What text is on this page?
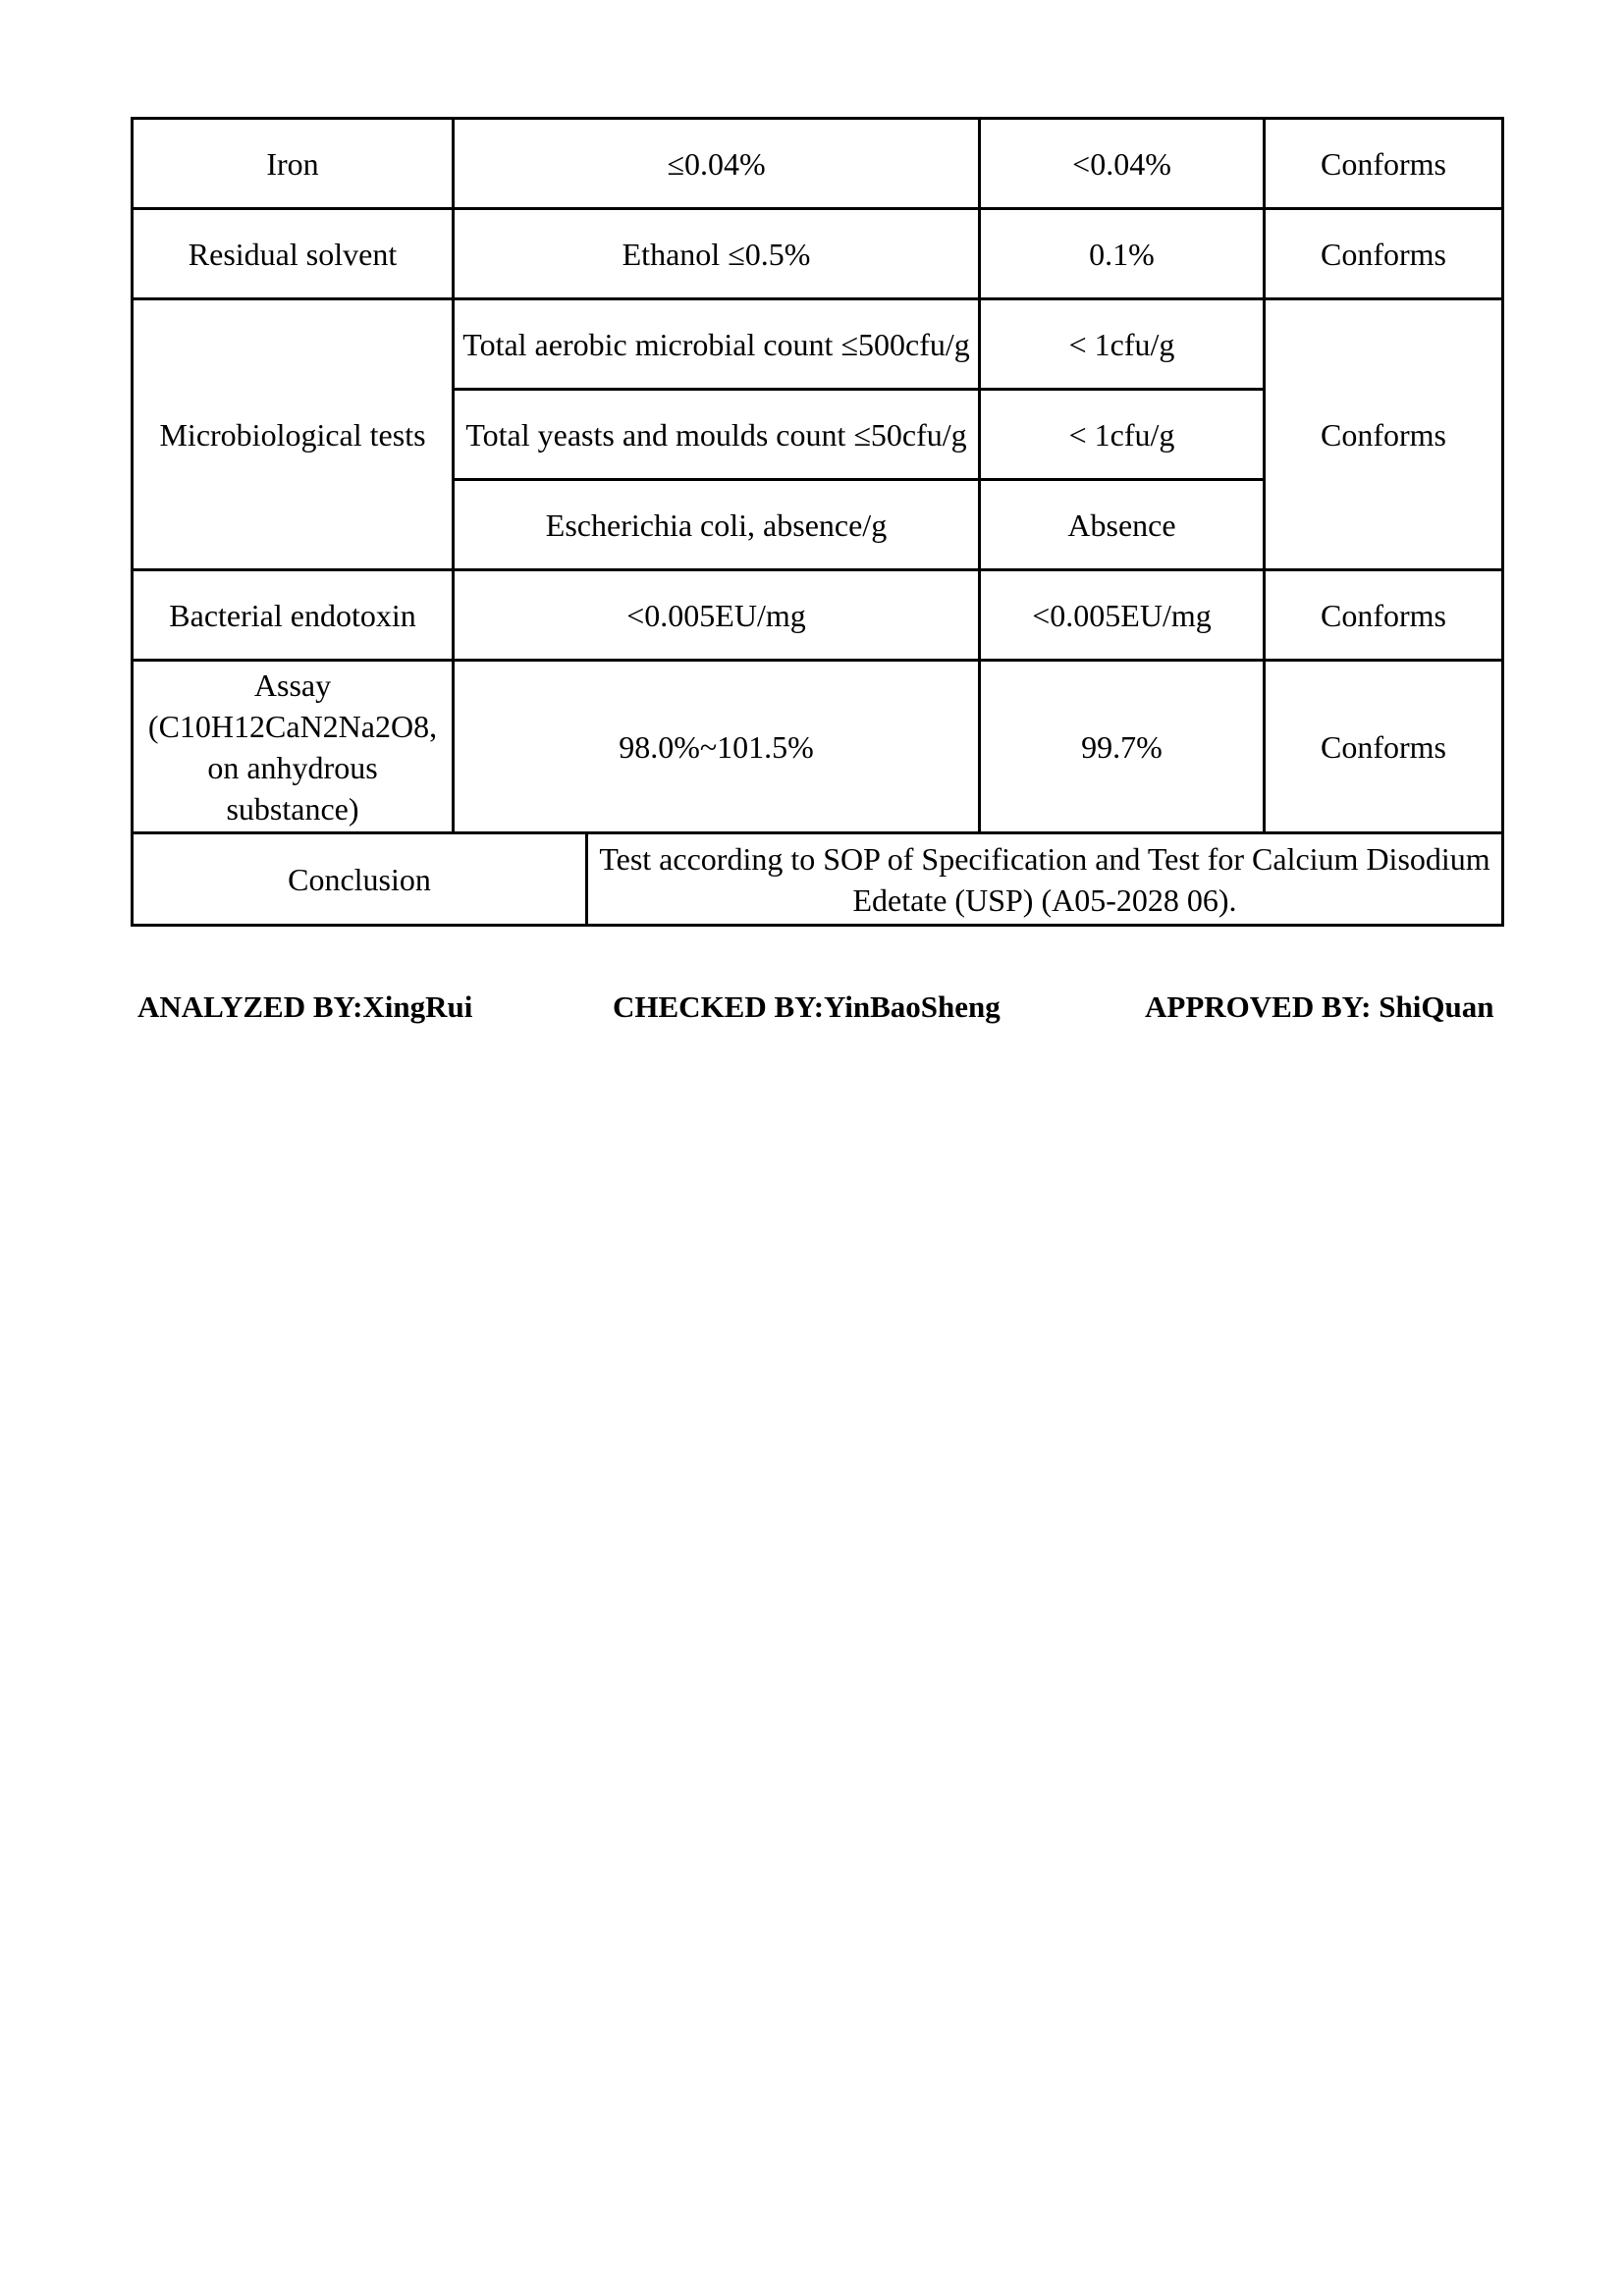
Iron	≤0.04%		<0.04%	Conforms
Residual solvent	Ethanol ≤0.5%		0.1%	Conforms
Microbiological tests	Total aerobic microbial count ≤500cfu/g		< 1cfu/g	Conforms
	Total yeasts and moulds count ≤50cfu/g		< 1cfu/g	
	Escherichia coli, absence/g		Absence	
Bacterial endotoxin	<0.005EU/mg		<0.005EU/mg	Conforms
Assay (C10H12CaN2Na2O8, on anhydrous substance)	98.0%~101.5%		99.7%	Conforms
Conclusion		Test according to SOP of Specification and Test for Calcium Disodium Edetate (USP) (A05-2028 06).		
ANALYZED BY:XingRui	CHECKED BY:YinBaoSheng	APPROVED BY: ShiQuan
